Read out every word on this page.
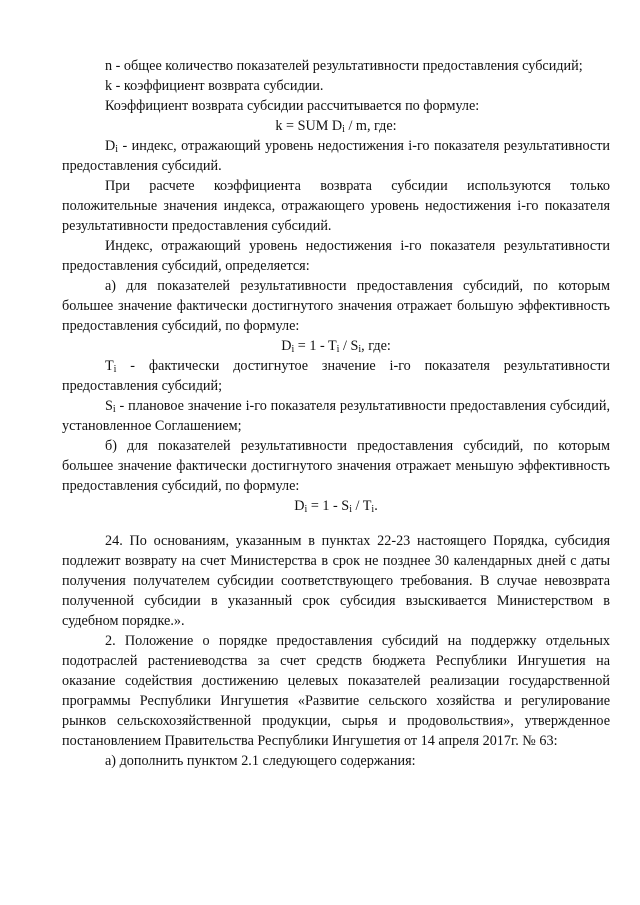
n - общее количество показателей результативности предоставления субсидий;

k - коэффициент возврата субсидии.

Коэффициент возврата субсидии рассчитывается по формуле:

k = SUM $D_i$ / m, где:

$D_i$ - индекс, отражающий уровень недостижения i-го показателя результативности предоставления субсидий.

При расчете коэффициента возврата субсидии используются только положительные значения индекса, отражающего уровень недостижения i-го показателя результативности предоставления субсидий.

Индекс, отражающий уровень недостижения i-го показателя результативности предоставления субсидий, определяется:

а) для показателей результативности предоставления субсидий, по которым большее значение фактически достигнутого значения отражает большую эффективность предоставления субсидий, по формуле:

$D_i = 1 - T_i / S_i$, где:

$T_i$ - фактически достигнутое значение i-го показателя результативности предоставления субсидий;

$S_i$ - плановое значение i-го показателя результативности предоставления субсидий, установленное Соглашением;

б) для показателей результативности предоставления субсидий, по которым большее значение фактически достигнутого значения отражает меньшую эффективность предоставления субсидий, по формуле:

$D_i = 1 - S_i / T_i$.

24. По основаниям, указанным в пунктах 22-23 настоящего Порядка, субсидия подлежит возврату на счет Министерства в срок не позднее 30 календарных дней с даты получения получателем субсидии соответствующего требования. В случае невозврата полученной субсидии в указанный срок субсидия взыскивается Министерством в судебном порядке.».

2. Положение о порядке предоставления субсидий на поддержку отдельных подотраслей растениеводства за счет средств бюджета Республики Ингушетия на оказание содействия достижению целевых показателей реализации государственной программы Республики Ингушетия «Развитие сельского хозяйства и регулирование рынков сельскохозяйственной продукции, сырья и продовольствия», утвержденное постановлением Правительства Республики Ингушетия от 14 апреля 2017г. № 63:

а) дополнить пунктом 2.1 следующего содержания:
